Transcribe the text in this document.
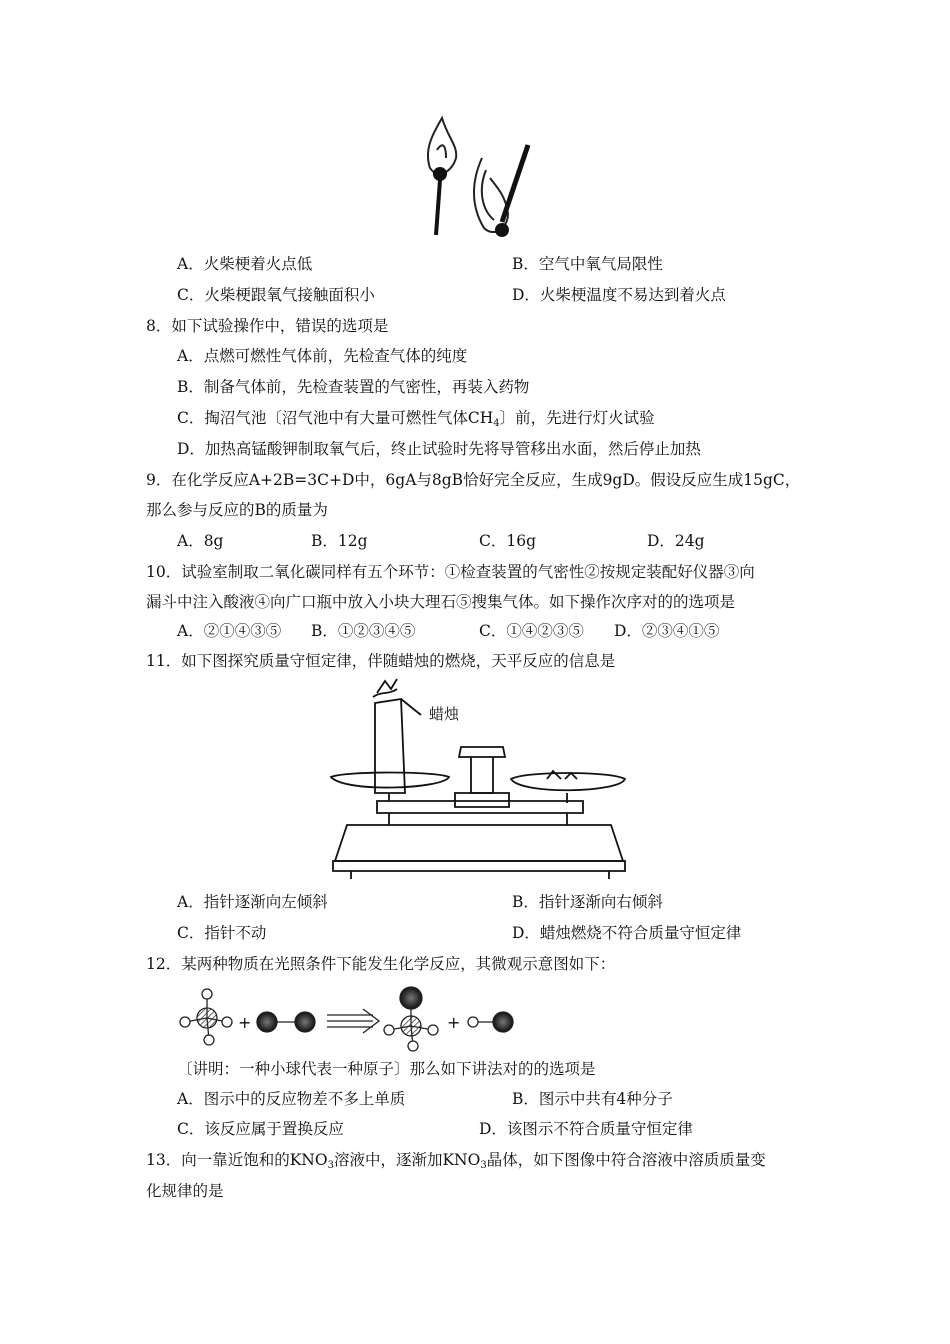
A．火柴梗着火点低	B．空气中氧气局限性
C．火柴梗跟氧气接触面积小	D．火柴梗温度不易达到着火点
8．如下试验操作中，错误的选项是
A．点燃可燃性气体前，先检查气体的纯度
B．制备气体前，先检查装置的气密性，再装入药物
C．掏沼气池〔沼气池中有大量可燃性气体$CH_4$〕前，先进行灯火试验
D．加热高锰酸钾制取氧气后，终止试验时先将导管移出水面，然后停止加热
9．在化学反应A+2B=3C+D中，6gA与8gB恰好完全反应，生成9gD。假设反应生成15gC，
那么参与反应的B的质量为
A．8g	B．12g	C．16g	D．24g
10．试验室制取二氧化碳同样有五个环节：①检查装置的气密性②按规定装配好仪器③向
漏斗中注入酸液④向广口瓶中放入小块大理石⑤搜集气体。如下操作次序对的的选项是
A．②①④③⑤ B．①②③④⑤	C．①④②③⑤ D．②③④①⑤
11．如下图探究质量守恒定律，伴随蜡烛的燃烧，天平反应的信息是
蜡烛
A．指针逐渐向左倾斜	B．指针逐渐向右倾斜
C．指针不动	D．蜡烛燃烧不符合质量守恒定律
12．某两种物质在光照条件下能发生化学反应，其微观示意图如下：
+	+
〔讲明：一种小球代表一种原子〕那么如下讲法对的的选项是
A．图示中的反应物差不多上单质	B．图示中共有4种分子
C．该反应属于置换反应	D．该图示不符合质量守恒定律
13．向一靠近饱和的$KNO_3$溶液中，逐渐加$KNO_3$晶体，如下图像中符合溶液中溶质质量变
化规律的是
